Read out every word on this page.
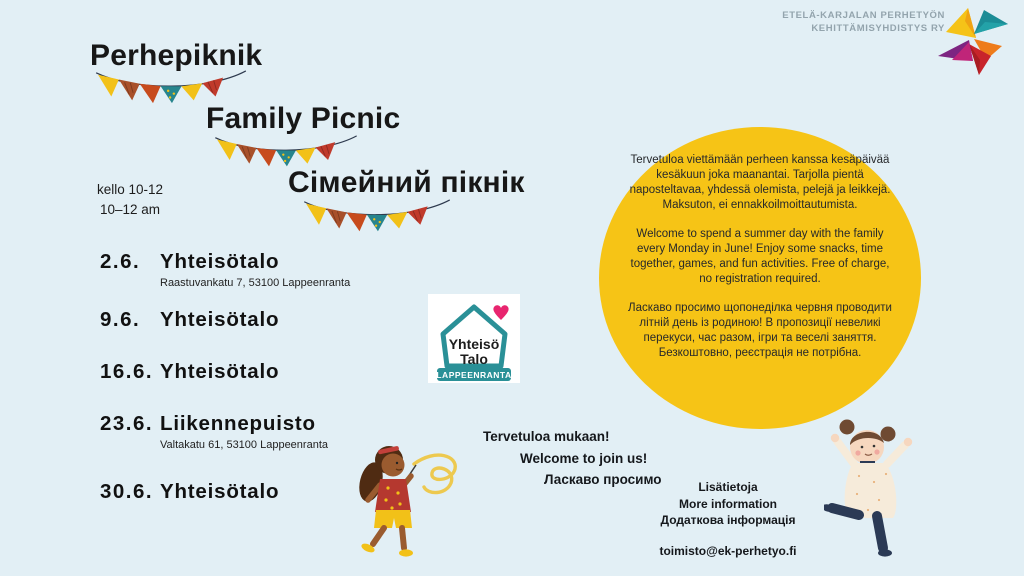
ETELÄ-KARJALAN PERHETYÖN
KEHITTÄMISYHDISTYS RY
Perhepiknik
Family Picnic
Сімейний пікнік
kello 10-12
10–12 am
2.6. Yhteisötalo
Raastuvankatu 7, 53100 Lappeenranta
9.6. Yhteisötalo
16.6. Yhteisötalo
23.6. Liikennepuisto
Valtakatu 61, 53100 Lappeenranta
30.6. Yhteisötalo
Yhteisö
Talo
LAPPEENRANTA

Tervetuloa viettämään perheen kanssa kesäpäivää kesäkuun joka maanantai. Tarjolla pientä naposteltavaa, yhdessä olemista, pelejä ja leikkejä. Maksuton, ei ennakkoilmoittautumista.

Welcome to spend a summer day with the family every Monday in June! Enjoy some snacks, time together, games, and fun activities. Free of charge, no registration required.

Ласкаво просимо щопонеділка червня проводити літній день із родиною! В пропозиції невеликі перекуси, час разом, ігри та веселі заняття. Безкоштовно, реєстрація не потрібна.

Tervetuloa mukaan!
Welcome to join us!
Ласкаво просимо	Lisätietoja
More information
Додаткова інформація
toimisto@ek-perhetyo.fi
